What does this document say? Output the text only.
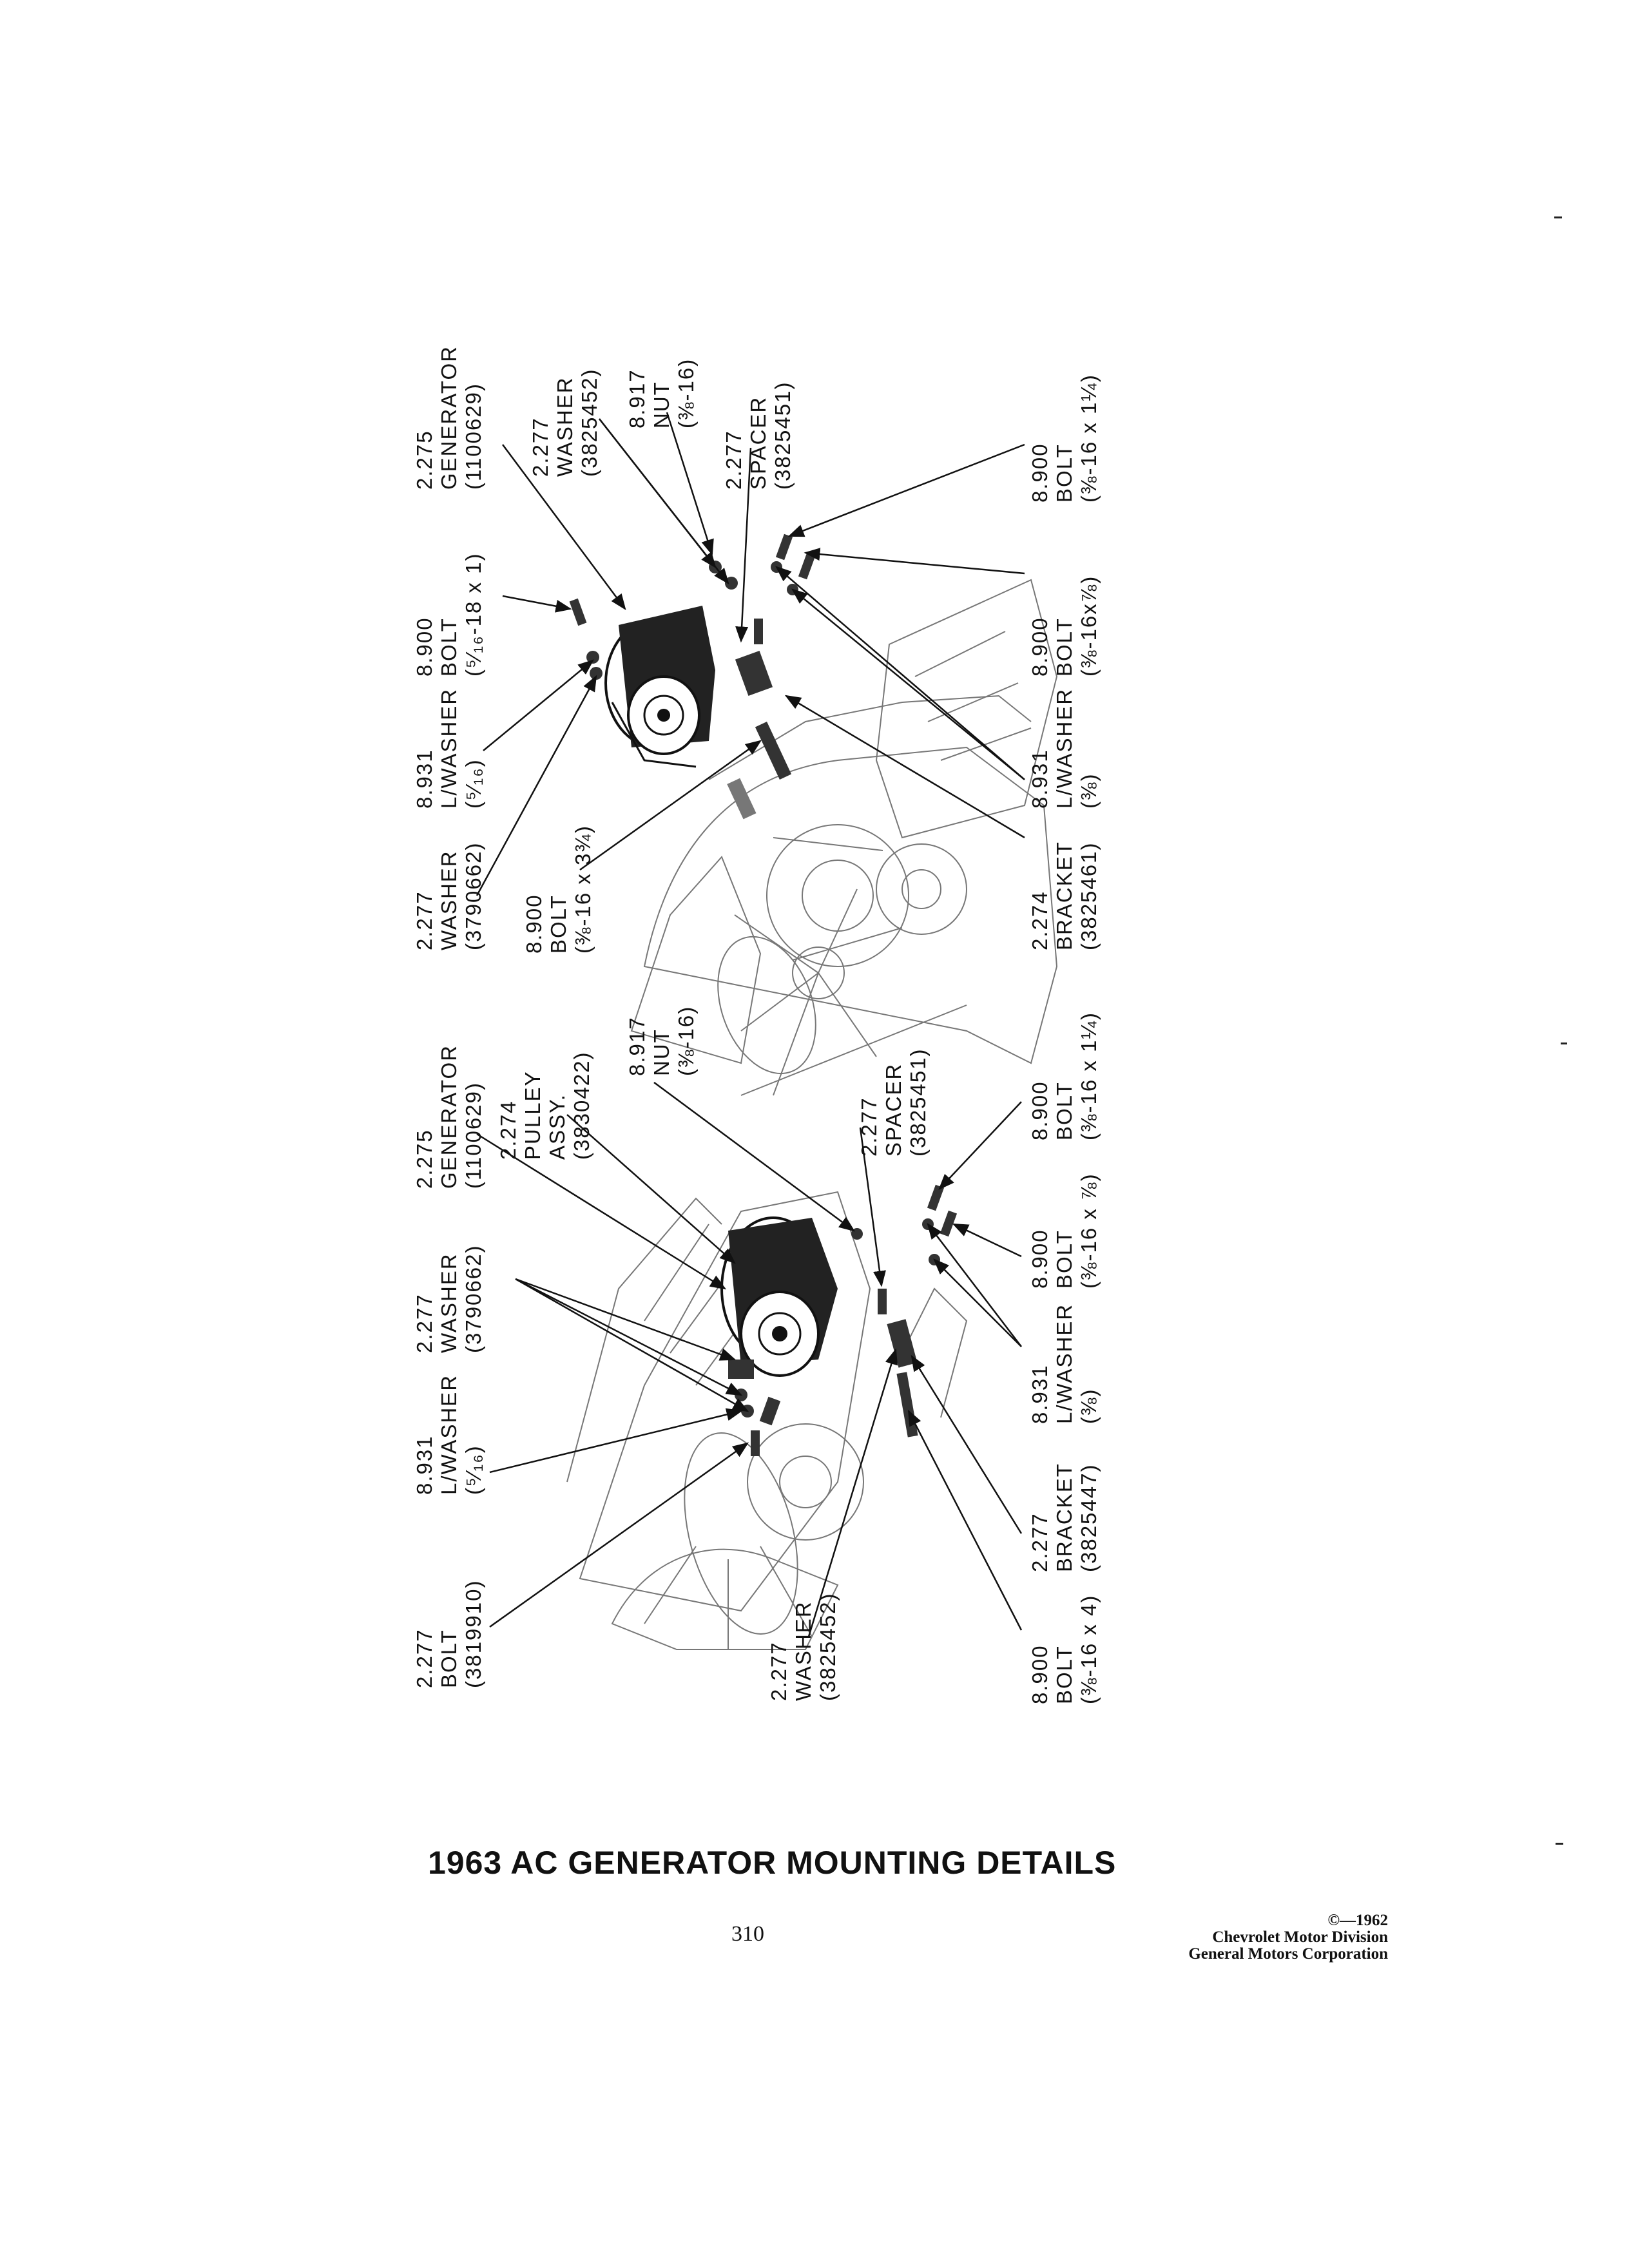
2.277 WASHER (3790662) 8.900 BOLT (⅜-16 x 3¾)
8.931 L/WASHER (⁵⁄₁₆)
8.900 BOLT (⁵⁄₁₆-18 x 1)
2.275 GENERATOR (1100629) 2.277 WASHER (3825452) 8.917 NUT (⅜-16)
2.277 SPACER (3825451)
2.274 BRACKET (3825461)
8.931 L/WASHER (⅜)
8.900 BOLT (⅜-16x⅞)
8.900 BOLT (⅜-16 x 1¼)
2.277 BOLT (3819910)
8.931 L/WASHER (⁵⁄₁₆)
2.277 WASHER (3790662)
2.275 GENERATOR (1100629) 2.274 PULLEY ASSY. (3830422)
8.917 NUT (⅜-16)
2.277 WASHER (3825452)
2.277 SPACER (3825451)
8.900 BOLT (⅜-16 x 4)
2.277 BRACKET (3825447)
8.931 L/WASHER (⅜)
8.900 BOLT (⅜-16 x ⅞)
8.900 BOLT (⅜-16 x 1¼)
1963 AC GENERATOR MOUNTING DETAILS
310
©—1962
Chevrolet Motor Division
General Motors Corporation
